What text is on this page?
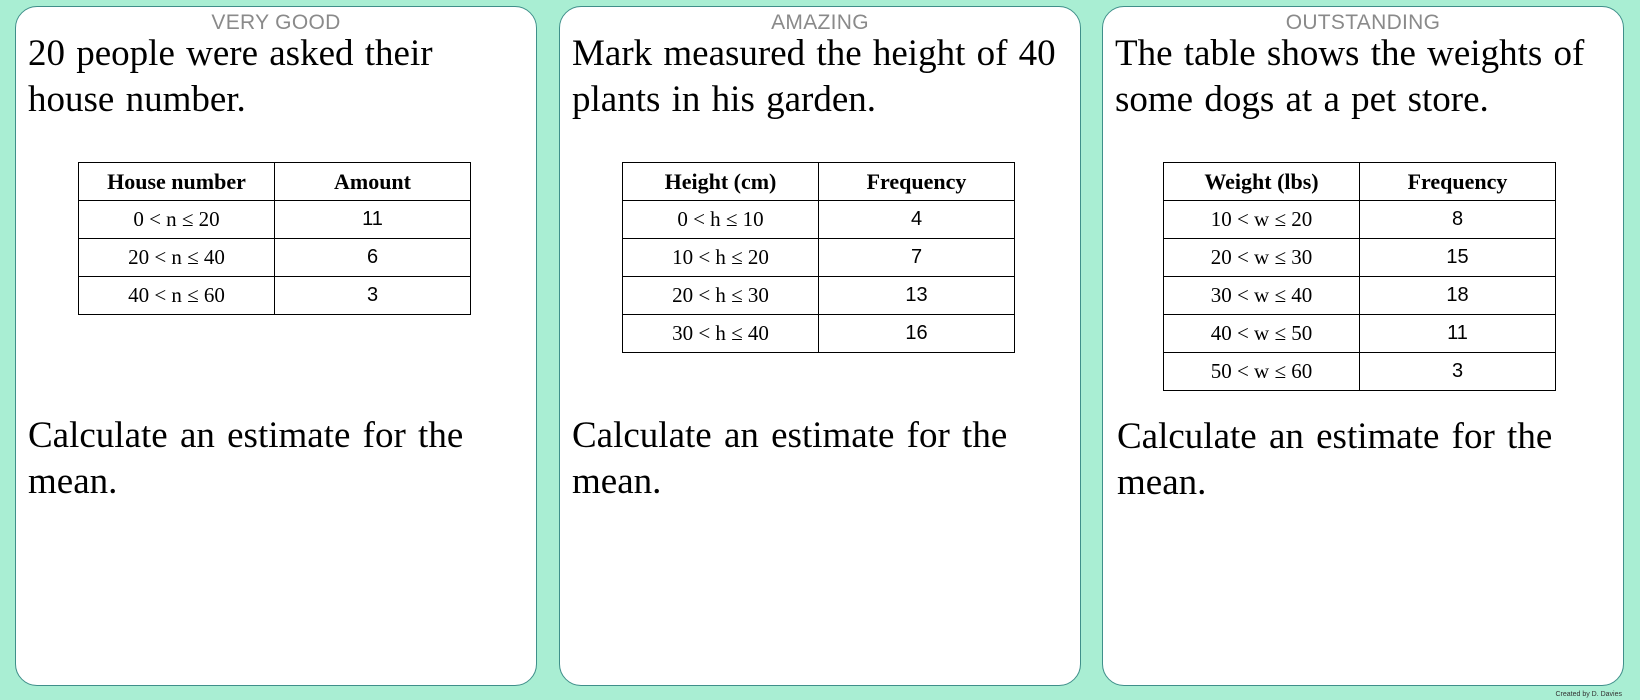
VERY GOOD

20 people were asked their house number.

House number	Amount
0 < n ≤ 20	11
20 < n ≤ 40	6
40 < n ≤ 60	3

Calculate an estimate for the mean.

AMAZING

Mark measured the height of 40 plants in his garden.

Height (cm)	Frequency
0 < h ≤ 10	4
10 < h ≤ 20	7
20 < h ≤ 30	13
30 < h ≤ 40	16

Calculate an estimate for the mean.

OUTSTANDING

The table shows the weights of some dogs at a pet store.

Weight (lbs)	Frequency
10 < w ≤ 20	8
20 < w ≤ 30	15
30 < w ≤ 40	18
40 < w ≤ 50	11
50 < w ≤ 60	3

Calculate an estimate for the mean.

Created by D. Davies
